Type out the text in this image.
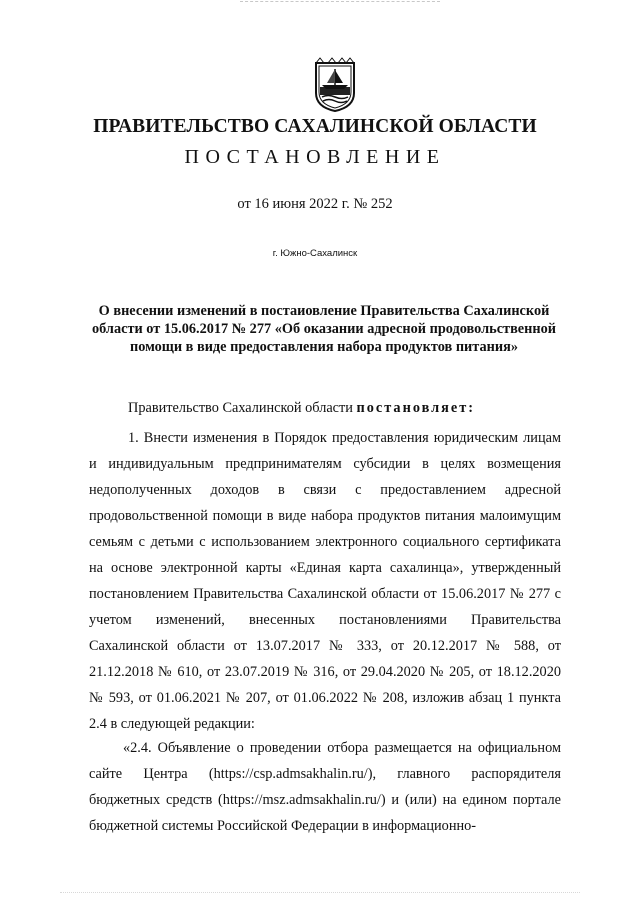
ПРАВИТЕЛЬСТВО САХАЛИНСКОЙ ОБЛАСТИ
ПОСТАНОВЛЕНИЕ
от 16 июня 2022 г. № 252
г. Южно-Сахалинск
О внесении изменений в постаиовление Правительства Сахалинской области от 15.06.2017 № 277 «Об оказании адресной продовольственной помощи в виде предоставления набора продуктов питания»
Правительство Сахалинской области постановляет:
1. Внести изменения в Порядок предоставления юридическим лицам и индивидуальным предпринимателям субсидии в целях возмещения недополученных доходов в связи с предоставлением адресной продовольственной помощи в виде набора продуктов питания малоимущим семьям с детьми с использованием электронного социального сертификата на основе электронной карты «Единая карта сахалинца», утвержденный постановлением Правительства Сахалинской области от 15.06.2017 № 277 с учетом изменений, внесенных постановлениями Правительства Сахалинской области от 13.07.2017 № 333, от 20.12.2017 № 588, от 21.12.2018 № 610, от 23.07.2019 № 316, от 29.04.2020 № 205, от 18.12.2020 № 593, от 01.06.2021 № 207, от 01.06.2022 № 208, изложив абзац 1 пункта 2.4 в следующей редакции:
«2.4. Объявление о проведении отбора размещается на официальном сайте Центра (https://csp.admsakhalin.ru/), главного распорядителя бюджетных средств (https://msz.admsakhalin.ru/) и (или) на едином портале бюджетной системы Российской Федерации в информационно-
